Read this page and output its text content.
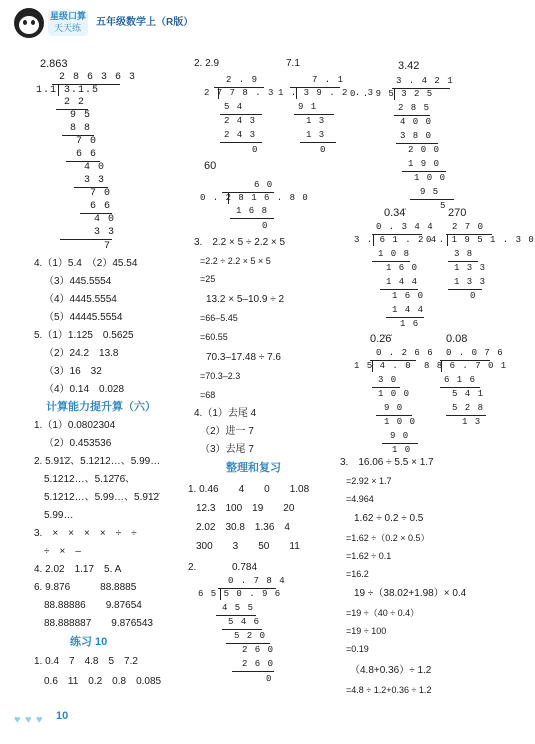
星级口算
天天练 五年级数学上（R版）
2.863
2 8 6 3 6 3
1.1 3.1.5
2 2
9 5
8 8
7 0
6 6
4 0
3 3
7 0
6 6
4 0
3 3
7
4.（1）5.4　（2）45.54
（3）445.5554
（4）4445.5554
（5）44445.5554
5.（1）1.125　0.5625
（2）24.2　13.8
（3）16　32
（4）0.14　0.028
计算能力提升算（六）
1.（1）0.0802304
（2）0.453536
2. 5.91̇2̇、5.1212…、5.99…
5.1212…、5.12̇76̇、
5.1212…、5.99…、5.9̇1̇2̇
5.99…
3.　×　×　×　×　÷　÷
÷　×　–
4. 2.02　1.17　5. A
6. 9.876　　　88.8885
88.88886　　9.87654
88.888887　　9.876543
练习 10
1. 0.4　7　4.8　5　7.2
0.6　11　0.2　0.8　0.085
♥ ♥ ♥ 10
2. 2.9	7.1
2 . 9
2 7 7 8 . 3
5 4
2 4 3
2 4 3
0
7 . 1
1 . 3 9 . 2 . 3
9 1
1 3
1 3
0
60
6 0
0 . 2 8 1 6 . 8 0
1 6 8
0
3.　2.2 × 5 ÷ 2.2 × 5
=2.2 ÷ 2.2 × 5 × 5
=25
13.2 × 5–10.9 ÷ 2
=66–5.45
=60.55
70.3–17.48 ÷ 7.6
=70.3–2.3
=68
4.（1）去尾 4
（2）进一 7
（3）去尾 7
整理和复习
1. 0.46　　4　　0　　1.08
12.3　100　19　　20
2.02　30.8　1.36　4
300　　3　　50　　11
2.	0.784
0 . 7 8 4
6 5 5 0 . 9 6
4 5 5
5 4 6
5 2 0
2 6 0
2 6 0
0
3.42
3 . 4 2 1
0 . 9 5 3 2 5
2 8 5
4 0 0
3 8 0
2 0 0
1 9 0
1 0 0
9 5
5
0.34̇	270
0 . 3 4 4
3 . 6 1 . 2 4
1 0 8
1 6 0
1 4 4
1 6 0
1 4 4
1 6
2 7 0
0 . 1 9 5 1 . 3 0
3 8
1 3 3
1 3 3
0
0.2̇6̇	0.08
0 . 2 6 6
1 5 4 . 0
3 0
1 0 0
9 0
1 0 0
9 0
1 0
0 . 0 7 6
8 8 6 . 7 0 1
6 1 6
5 4 1
5 2 8
1 3
3.　16.06 ÷ 5.5 × 1.7
=2.92 × 1.7
=4.964
1.62 ÷ 0.2 ÷ 0.5
=1.62 ÷（0.2 × 0.5）
=1.62 ÷ 0.1
=16.2
19 ÷（38.02+1.98）× 0.4
=19 ÷（40 ÷ 0.4）
=19 ÷ 100
=0.19
（4.8+0.36）÷ 1.2
=4.8 ÷ 1.2+0.36 ÷ 1.2
